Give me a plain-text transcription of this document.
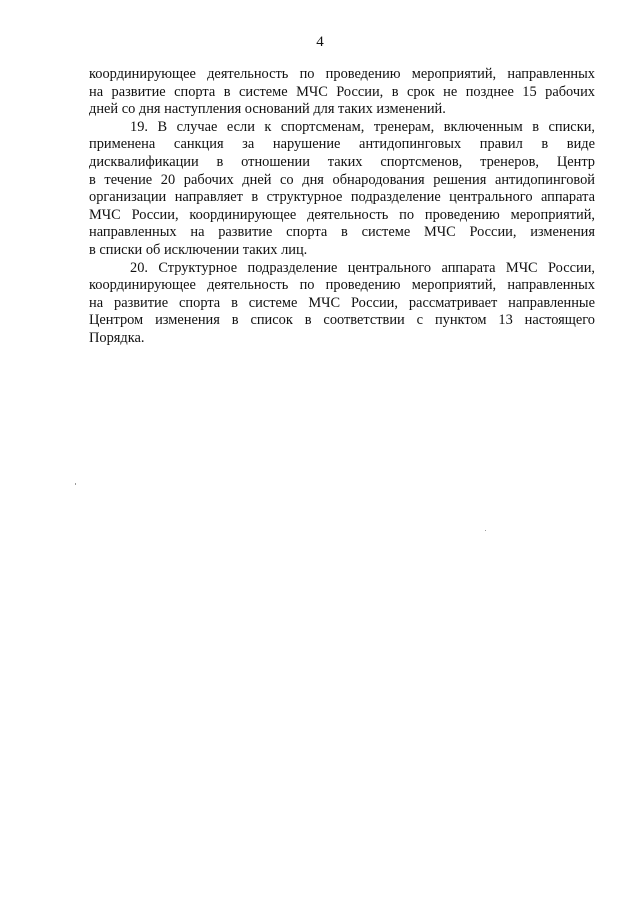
4
координирующее деятельность по проведению мероприятий, направленных
на развитие спорта в системе МЧС России, в срок не позднее 15 рабочих
дней со дня наступления оснований для таких изменений.
19. В случае если к спортсменам, тренерам, включенным в списки,
применена санкция за нарушение антидопинговых правил в виде
дисквалификации в отношении таких спортсменов, тренеров, Центр
в течение 20 рабочих дней со дня обнародования решения антидопинговой
организации направляет в структурное подразделение центрального аппарата
МЧС России, координирующее деятельность по проведению мероприятий,
направленных на развитие спорта в системе МЧС России, изменения
в списки об исключении таких лиц.
20. Структурное подразделение центрального аппарата МЧС России,
координирующее деятельность по проведению мероприятий, направленных
на развитие спорта в системе МЧС России, рассматривает направленные
Центром изменения в список в соответствии с пунктом 13 настоящего
Порядка.
